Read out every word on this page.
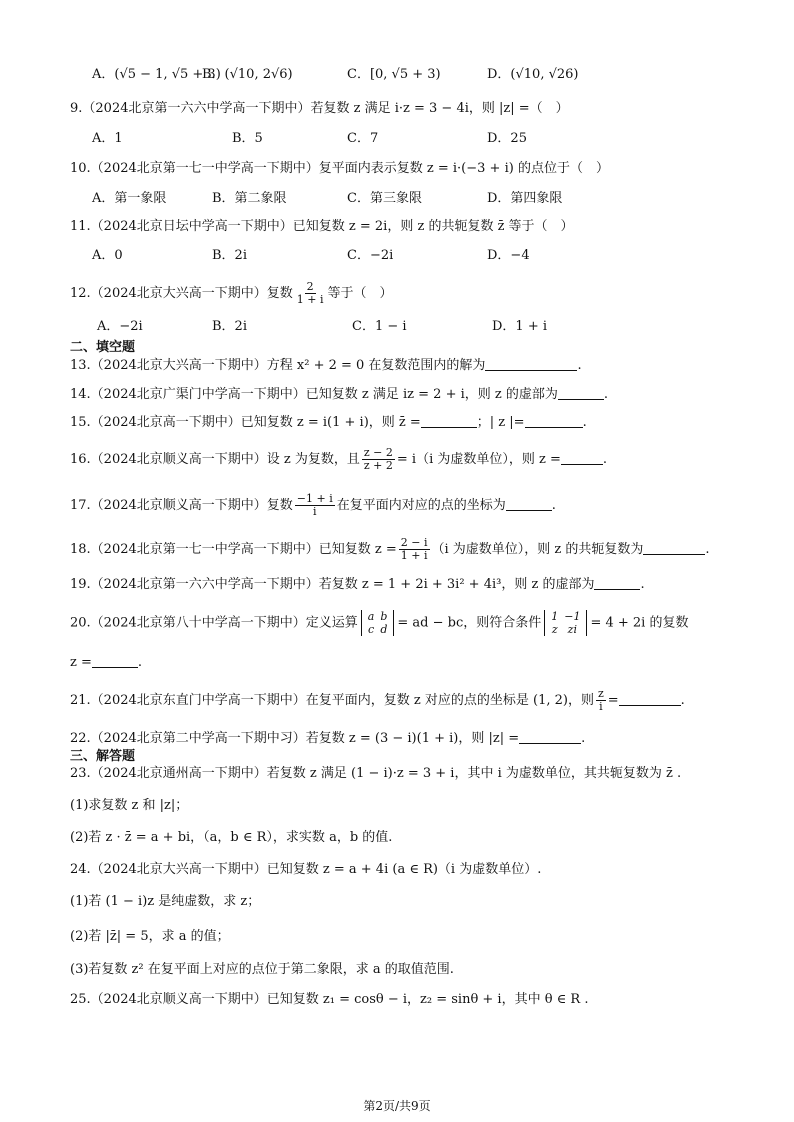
A．(√5 − 1, √5 + 3)
B．(√10, 2√6)	C．[0, √5 + 3)	D．(√10, √26)
9.（2024北京第一六六中学高一下期中）若复数 z 满足 i·z = 3 − 4i，则 |z| =（　）
A．1	B．5	C．7	D．25
10.（2024北京第一七一中学高一下期中）复平面内表示复数 z = i·(−3 + i) 的点位于（　）
A．第一象限	B．第二象限	C．第三象限	D．第四象限
11.（2024北京日坛中学高一下期中）已知复数 z = 2i，则 z 的共轭复数 z̄ 等于（　）
A．0	B．2i	C．−2i	D．−4
12.（2024北京大兴高一下期中）复数 $\frac{2}{1 + i}$ 等于（　）
A．−2i	B．2i	C．1 − i	D．1 + i
二、填空题
13.（2024北京大兴高一下期中）方程 x² + 2 = 0 在复数范围内的解为	.
14.（2024北京广渠门中学高一下期中）已知复数 z 满足 iz = 2 + i，则 z 的虚部为	.
15.（2024北京高一下期中）已知复数 z = i(1 + i)，则 z̄ =	；| z |=	.
16.（2024北京顺义高一下期中）设 z 为复数，且 $\frac{z - 2}{z + 2} = i(i$ 为虚数单位），则 z =	.
17.（2024北京顺义高一下期中）复数 $\frac{-1 + i}{i}$ 在复平面内对应的点的坐标为	.
18.（2024北京第一七一中学高一下期中）已知复数 $z = \frac{2 - i}{1 + i} (i$ 为虚数单位），则 z 的共轭复数为	.
19.（2024北京第一六六中学高一下期中）若复数 z = 1 + 2i + 3i² + 4i³，则 z 的虚部为	.
20.（2024北京第八十中学高一下期中）定义运算 a	b
c	d = ad − bc，则符合条件 1	−1
z	zi = 4 + 2i 的复数
z =	.
21.（2024北京东直门中学高一下期中）在复平面内，复数 z 对应的点的坐标是 (1, 2)，则 $\frac{z}{i}$ =	.
22.（2024北京第二中学高一下期中习）若复数 z = (3 − i)(1 + i)，则 |z| =	.
三、解答题
23.（2024北京通州高一下期中）若复数 z 满足 (1 − i)·z = 3 + i，其中 i 为虚数单位，其共轭复数为 z̄ .
(1)求复数 z 和 |z|；
(2)若 z · z̄ = a + bi，（a，b ∈ R），求实数 a，b 的值.
24.（2024北京大兴高一下期中）已知复数 z = a + 4i (a ∈ R)（i 为虚数单位）.
(1)若 (1 − i)z 是纯虚数，求 z；
(2)若 |z̄| = 5，求 a 的值；
(3)若复数 z² 在复平面上对应的点位于第二象限，求 a 的取值范围.
25.（2024北京顺义高一下期中）已知复数 z₁ = cosθ − i，z₂ = sinθ + i，其中 θ ∈ R .
第2页/共9页
